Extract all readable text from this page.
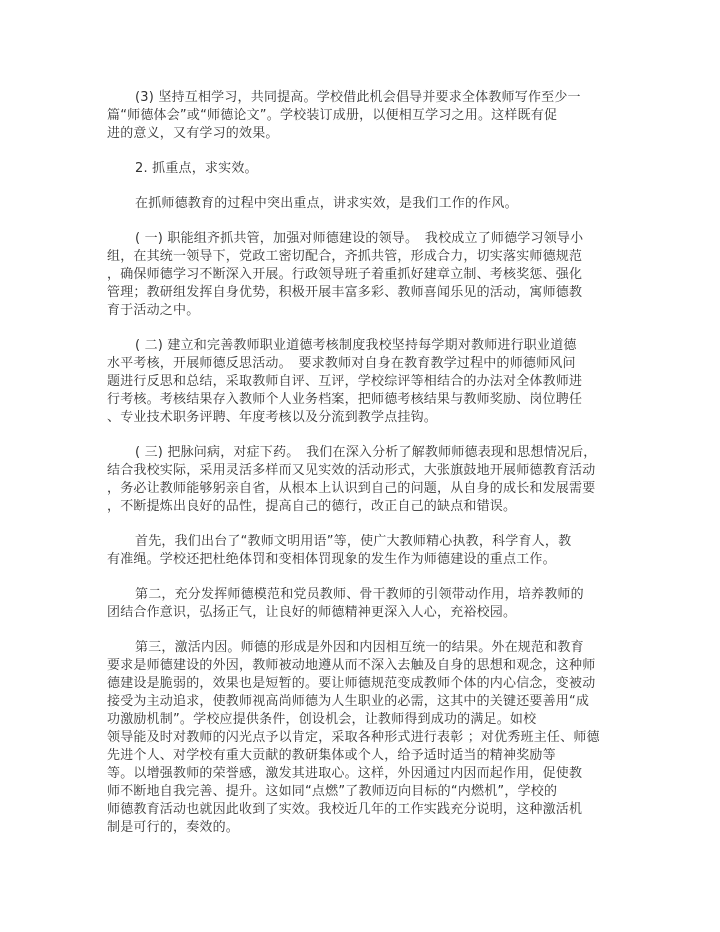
(3) 坚持互相学习，共同提高。学校借此机会倡导并要求全体教师写作至少一
篇“师德体会”或“师德论文”。学校装订成册，以便相互学习之用。这样既有促
进的意义，又有学习的效果。
2. 抓重点，求实效。
在抓师德教育的过程中突出重点，讲求实效，是我们工作的作风。
( 一) 职能组齐抓共管，加强对师德建设的领导。　我校成立了师德学习领导小
组，在其统一领导下，党政工密切配合，齐抓共管，形成合力，切实落实师德规范
，确保师德学习不断深入开展。行政领导班子着重抓好建章立制、考核奖惩、强化
管理；教研组发挥自身优势，积极开展丰富多彩、教师喜闻乐见的活动，寓师德教
育于活动之中。
( 二) 建立和完善教师职业道德考核制度我校坚持每学期对教师进行职业道德
水平考核，开展师德反思活动。　要求教师对自身在教育教学过程中的师德师风问
题进行反思和总结，采取教师自评、互评，学校综评等相结合的办法对全体教师进
行考核。考核结果存入教师个人业务档案，把师德考核结果与教师奖励、岗位聘任
、专业技术职务评聘、年度考核以及分流到教学点挂钩。
( 三) 把脉问病，对症下药。　我们在深入分析了解教师师德表现和思想情况后，
结合我校实际，采用灵活多样而又见实效的活动形式，大张旗鼓地开展师德教育活动
，务必让教师能够躬亲自省，从根本上认识到自己的问题，从自身的成长和发展需要
，不断提炼出良好的品性，提高自己的德行，改正自己的缺点和错误。
首先，我们出台了“教师文明用语”等，使广大教师精心执教，科学育人，教
有准绳。学校还把杜绝体罚和变相体罚现象的发生作为师德建设的重点工作。
第二，充分发挥师德模范和党员教师、骨干教师的引领带动作用，培养教师的
团结合作意识，弘扬正气，让良好的师德精神更深入人心，充裕校园。
第三，激活内因。师德的形成是外因和内因相互统一的结果。外在规范和教育
要求是师德建设的外因，教师被动地遵从而不深入去触及自身的思想和观念，这种师
德建设是脆弱的，效果也是短暂的。要让师德规范变成教师个体的内心信念，变被动
接受为主动追求，使教师视高尚师德为人生职业的必需，这其中的关键还要善用“成
功激励机制”。学校应提供条件，创设机会，让教师得到成功的满足。如校
领导能及时对教师的闪光点予以肯定，采取各种形式进行表彰 ；对优秀班主任、师德
先进个人、对学校有重大贡献的教研集体或个人，给予适时适当的精神奖励等
等。以增强教师的荣誉感，激发其进取心。这样，外因通过内因而起作用，促使教
师不断地自我完善、提升。这如同“点燃”了教师迈向目标的“内燃机”，学校的
师德教育活动也就因此收到了实效。我校近几年的工作实践充分说明，这种激活机
制是可行的，奏效的。
